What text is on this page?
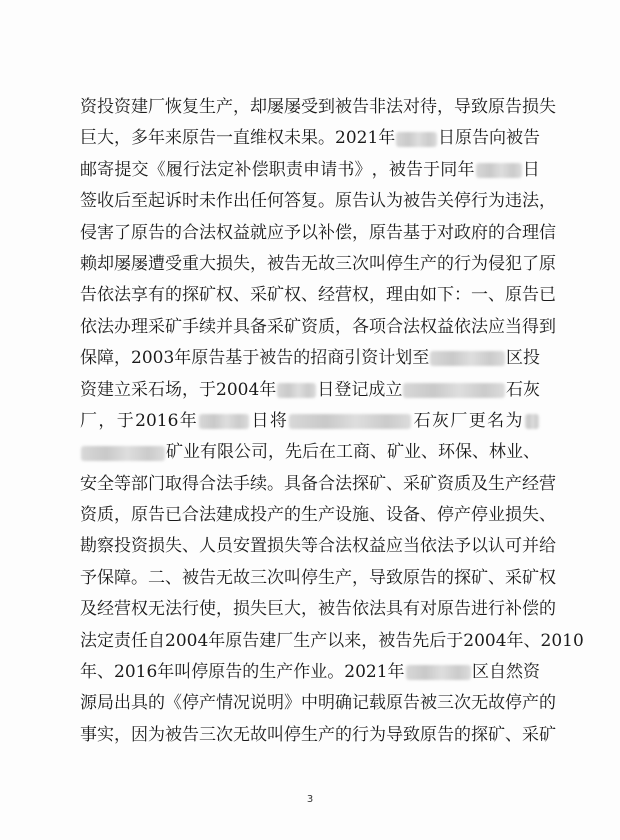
资 投 资 建 厂 恢 复 生 产 ， 却 屡 屡 受 到 被 告 非 法 对 待 ， 导 致 原 告 损 失
巨 大 ， 多 年 来 原 告 一 直 维 权 未 果 。 2021 年	日 原 告 向 被 告
邮 寄 提 交 《 履 行 法 定 补 偿 职 责 申 请 书 》 ， 被 告 于 同 年	日
签 收 后 至 起 诉 时 未 作 出 任 何 答 复 。 原 告 认 为 被 告 关 停 行 为 违 法 ，
侵 害 了 原 告 的 合 法 权 益 就 应 予 以 补 偿 ， 原 告 基 于 对 政 府 的 合 理 信
赖 却 屡 屡 遭 受 重 大 损 失 ， 被 告 无 故 三 次 叫 停 生 产 的 行 为 侵 犯 了 原
告 依 法 享 有 的 探 矿 权 、 采 矿 权 、 经 营 权 ， 理 由 如 下 ： 一 、 原 告 已
依 法 办 理 采 矿 手 续 并 具 备 采 矿 资 质 ， 各 项 合 法 权 益 依 法 应 当 得 到
保 障 ， 2003 年 原 告 基 于 被 告 的 招 商 引 资 计 划 至	区 投
资 建 立 采 石 场 ， 于 2004 年 日 登 记 成 立	石 灰
厂 ， 于 2016 年	日 将	石 灰 厂 更 名 为
矿 业 有 限 公 司 ， 先 后 在 工 商 、 矿 业 、 环 保 、 林 业 、
安 全 等 部 门 取 得 合 法 手 续 。 具 备 合 法 探 矿 、 采 矿 资 质 及 生 产 经 营
资 质 ， 原 告 已 合 法 建 成 投 产 的 生 产 设 施 、 设 备 、 停 产 停 业 损 失 、
勘 察 投 资 损 失 、 人 员 安 置 损 失 等 合 法 权 益 应 当 依 法 予 以 认 可 并 给
予 保 障 。 二 、 被 告 无 故 三 次 叫 停 生 产 ， 导 致 原 告 的 探 矿 、 采 矿 权
及 经 营 权 无 法 行 使 ， 损 失 巨 大 ， 被 告 依 法 具 有 对 原 告 进 行 补 偿 的
法 定 责 任 自 2004 年 原 告 建 厂 生 产 以 来 ， 被 告 先 后 于 2004 年 、 2010
年 、 2016 年 叫 停 原 告 的 生 产 作 业 。 2021 年	区 自 然 资
源 局 出 具 的 《 停 产 情 况 说 明 》 中 明 确 记 载 原 告 被 三 次 无 故 停 产 的
事 实 ， 因 为 被 告 三 次 无 故 叫 停 生 产 的 行 为 导 致 原 告 的 探 矿 、 采 矿
3
